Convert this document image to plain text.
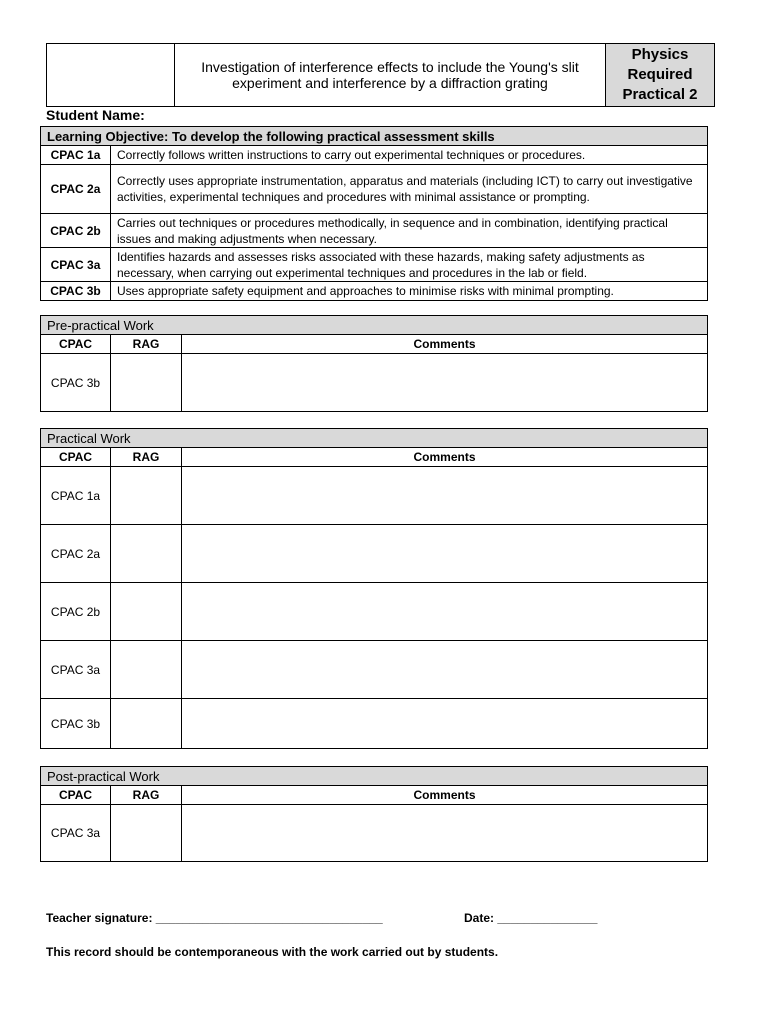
	Investigation of interference effects to include the Young's slit experiment and interference by a diffraction grating	
Physics
Required
Practical 2
Student Name:
Learning Objective: To develop the following practical assessment skills	
CPAC 1a	Correctly follows written instructions to carry out experimental techniques or procedures.
CPAC 2a	Correctly uses appropriate instrumentation, apparatus and materials (including ICT) to carry out investigative activities, experimental techniques and procedures with minimal assistance or prompting.
CPAC 2b	Carries out techniques or procedures methodically, in sequence and in combination, identifying practical issues and making adjustments when necessary.
CPAC 3a	Identifies hazards and assesses risks associated with these hazards, making safety adjustments as necessary, when carrying out experimental techniques and procedures in the lab or field.
CPAC 3b	Uses appropriate safety equipment and approaches to minimise risks with minimal prompting.
Pre-practical Work		
CPAC	RAG	Comments
CPAC 3b		
Practical Work		
CPAC	RAG	Comments
CPAC 1a		
CPAC 2a		
CPAC 2b		
CPAC 3a		
CPAC 3b		
Post-practical Work		
CPAC	RAG	Comments
CPAC 3a		
Teacher signature: __________________________________	Date: _______________
This record should be contemporaneous with the work carried out by students.
